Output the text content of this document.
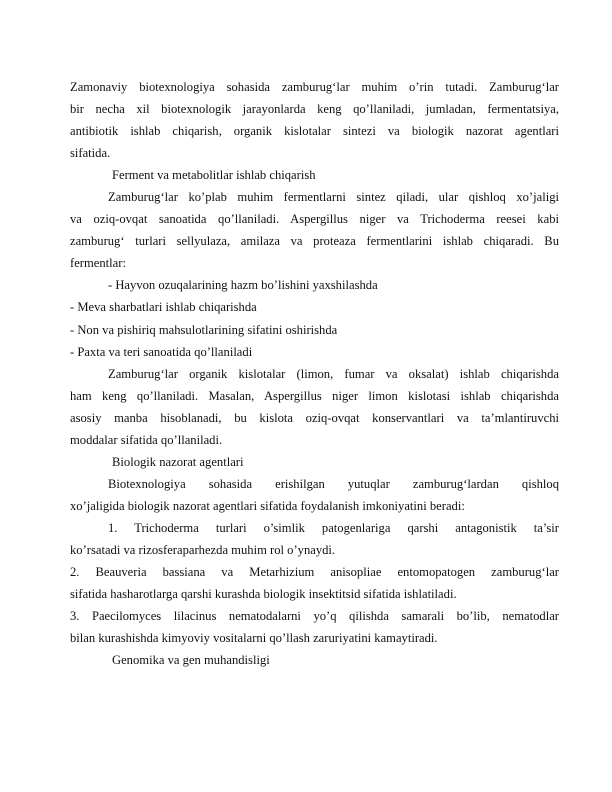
Zamonaviy biotexnologiya sohasida zamburug‘lar muhim o’rin tutadi. Zamburug‘lar
bir necha xil biotexnologik jarayonlarda keng qo’llaniladi, jumladan, fermentatsiya,
antibiotik ishlab chiqarish, organik kislotalar sintezi va biologik nazorat agentlari
sifatida.
Ferment va metabolitlar ishlab chiqarish
Zamburug‘lar ko’plab muhim fermentlarni sintez qiladi, ular qishloq xo’jaligi
va oziq-ovqat sanoatida qo’llaniladi. Aspergillus niger va Trichoderma reesei kabi
zamburug‘ turlari sellyulaza, amilaza va proteaza fermentlarini ishlab chiqaradi. Bu
fermentlar:
- Hayvon ozuqalarining hazm bo’lishini yaxshilashda
- Meva sharbatlari ishlab chiqarishda
- Non va pishiriq mahsulotlarining sifatini oshirishda
- Paxta va teri sanoatida qo’llaniladi
Zamburug‘lar organik kislotalar (limon, fumar va oksalat) ishlab chiqarishda
ham keng qo’llaniladi. Masalan, Aspergillus niger limon kislotasi ishlab chiqarishda
asosiy manba hisoblanadi, bu kislota oziq-ovqat konservantlari va ta’mlantiruvchi
moddalar sifatida qo’llaniladi.
Biologik nazorat agentlari
Biotexnologiya sohasida erishilgan yutuqlar zamburug‘lardan qishloq
xo’jaligida biologik nazorat agentlari sifatida foydalanish imkoniyatini beradi:
1. Trichoderma turlari o’simlik patogenlariga qarshi antagonistik ta’sir
ko’rsatadi va rizosferaparhezda muhim rol o’ynaydi.
2. Beauveria bassiana va Metarhizium anisopliae entomopatogen zamburug‘lar
sifatida hasharotlarga qarshi kurashda biologik insektitsid sifatida ishlatiladi.
3. Paecilomyces lilacinus nematodalarni yo’q qilishda samarali bo’lib, nematodlar
bilan kurashishda kimyoviy vositalarni qo’llash zaruriyatini kamaytiradi.
Genomika va gen muhandisligi
